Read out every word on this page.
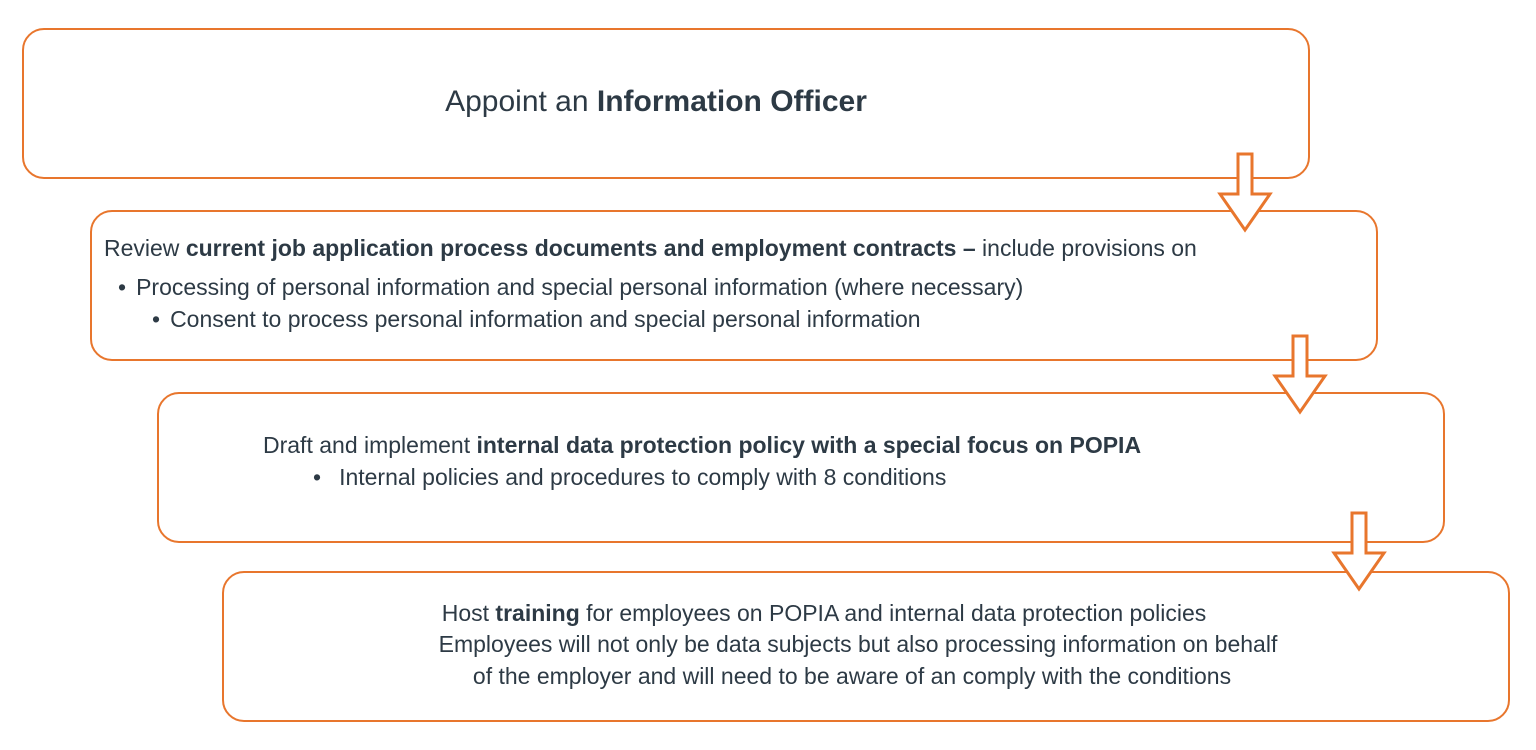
Appoint an Information Officer
Review current job application process documents and employment contracts – include provisions on
• Processing of personal information and special personal information (where necessary)
• Consent to process personal information and special personal information
Draft and implement internal data protection policy with a special focus on POPIA
• Internal policies and procedures to comply with 8 conditions
Host training for employees on POPIA and internal data protection policies
Employees will not only be data subjects but also processing information on behalf
of the employer and will need to be aware of an comply with the conditions
